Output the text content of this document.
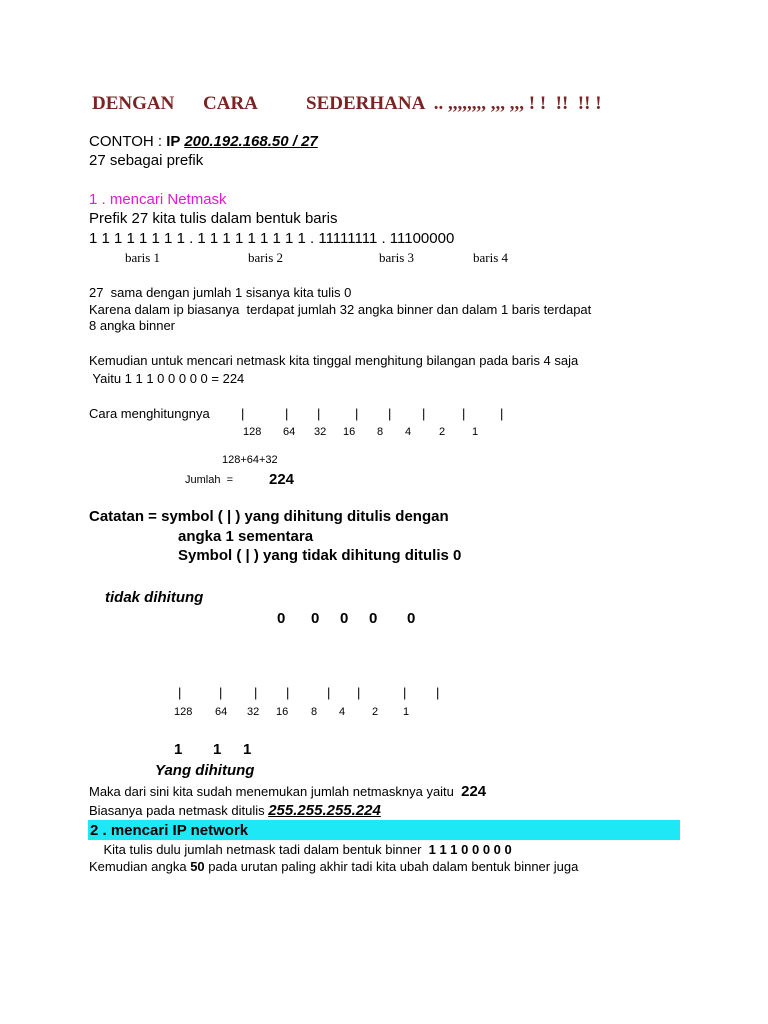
DENGAN CARA	SEDERHANA  .. ,,,,,,,, ,,, ,,, ! !  !!  !! !
CONTOH : IP 200.192.168.50 / 27
27 sebagai prefik
1 . mencari Netmask
Prefik 27 kita tulis dalam bentuk baris
1 1 1 1 1 1 1 1 . 1 1 1 1 1 1 1 1 1 . 11111111 . 11100000
baris 1	baris 2	baris 3	baris 4
27  sama dengan jumlah 1 sisanya kita tulis 0
Karena dalam ip biasanya  terdapat jumlah 32 angka binner dan dalam 1 baris terdapat
8 angka binner
Kemudian untuk mencari netmask kita tinggal menghitung bilangan pada baris 4 saja
Yaitu 1 1 1 0 0 0 0 0 = 224
Cara menghitungnya |	| |	| | |	|	|
128 64 32 16 8 4	2 1
128+64+32
Jumlah  = 224
Catatan = symbol ( | ) yang dihitung ditulis dengan
angka 1 sementara
Symbol ( | ) yang tidak dihitung ditulis 0
tidak dihitung
0 0 0 0 0
|	| | |	| |	| |
128 64 32 16 8 4 2 1
1 1 1
Yang dihitung
Maka dari sini kita sudah menemukan jumlah netmasknya yaitu  224
Biasanya pada netmask ditulis 255.255.255.224
2 . mencari IP network
Kita tulis dulu jumlah netmask tadi dalam bentuk binner  1 1 1 0 0 0 0 0
Kemudian angka 50 pada urutan paling akhir tadi kita ubah dalam bentuk binner juga
